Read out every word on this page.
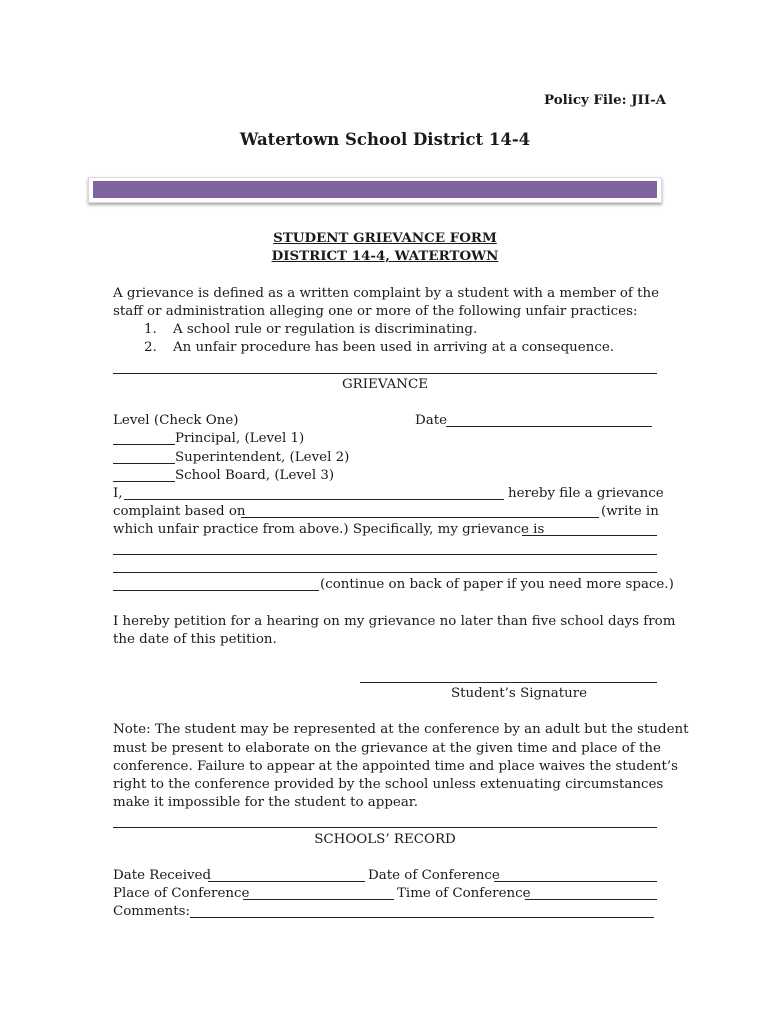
Policy File: JII-A
Watertown School District 14-4
STUDENT GRIEVANCE FORM
DISTRICT 14-4, WATERTOWN
A grievance is defined as a written complaint by a student with a member of the
staff or administration alleging one or more of the following unfair practices:
1. A school rule or regulation is discriminating.
2. An unfair procedure has been used in arriving at a consequence.
GRIEVANCE
Level (Check One)	Date
Principal, (Level 1)
Superintendent, (Level 2)
School Board, (Level 3)
I,	hereby file a grievance
complaint based on	(write in
which unfair practice from above.) Specifically, my grievance is
(continue on back of paper if you need more space.)
I hereby petition for a hearing on my grievance no later than five school days from
the date of this petition.
Student’s Signature
Note: The student may be represented at the conference by an adult but the student
must be present to elaborate on the grievance at the given time and place of the
conference. Failure to appear at the appointed time and place waives the student’s
right to the conference provided by the school unless extenuating circumstances
make it impossible for the student to appear.
SCHOOLS’ RECORD
Date Received	Date of Conference
Place of Conference	Time of Conference
Comments:
